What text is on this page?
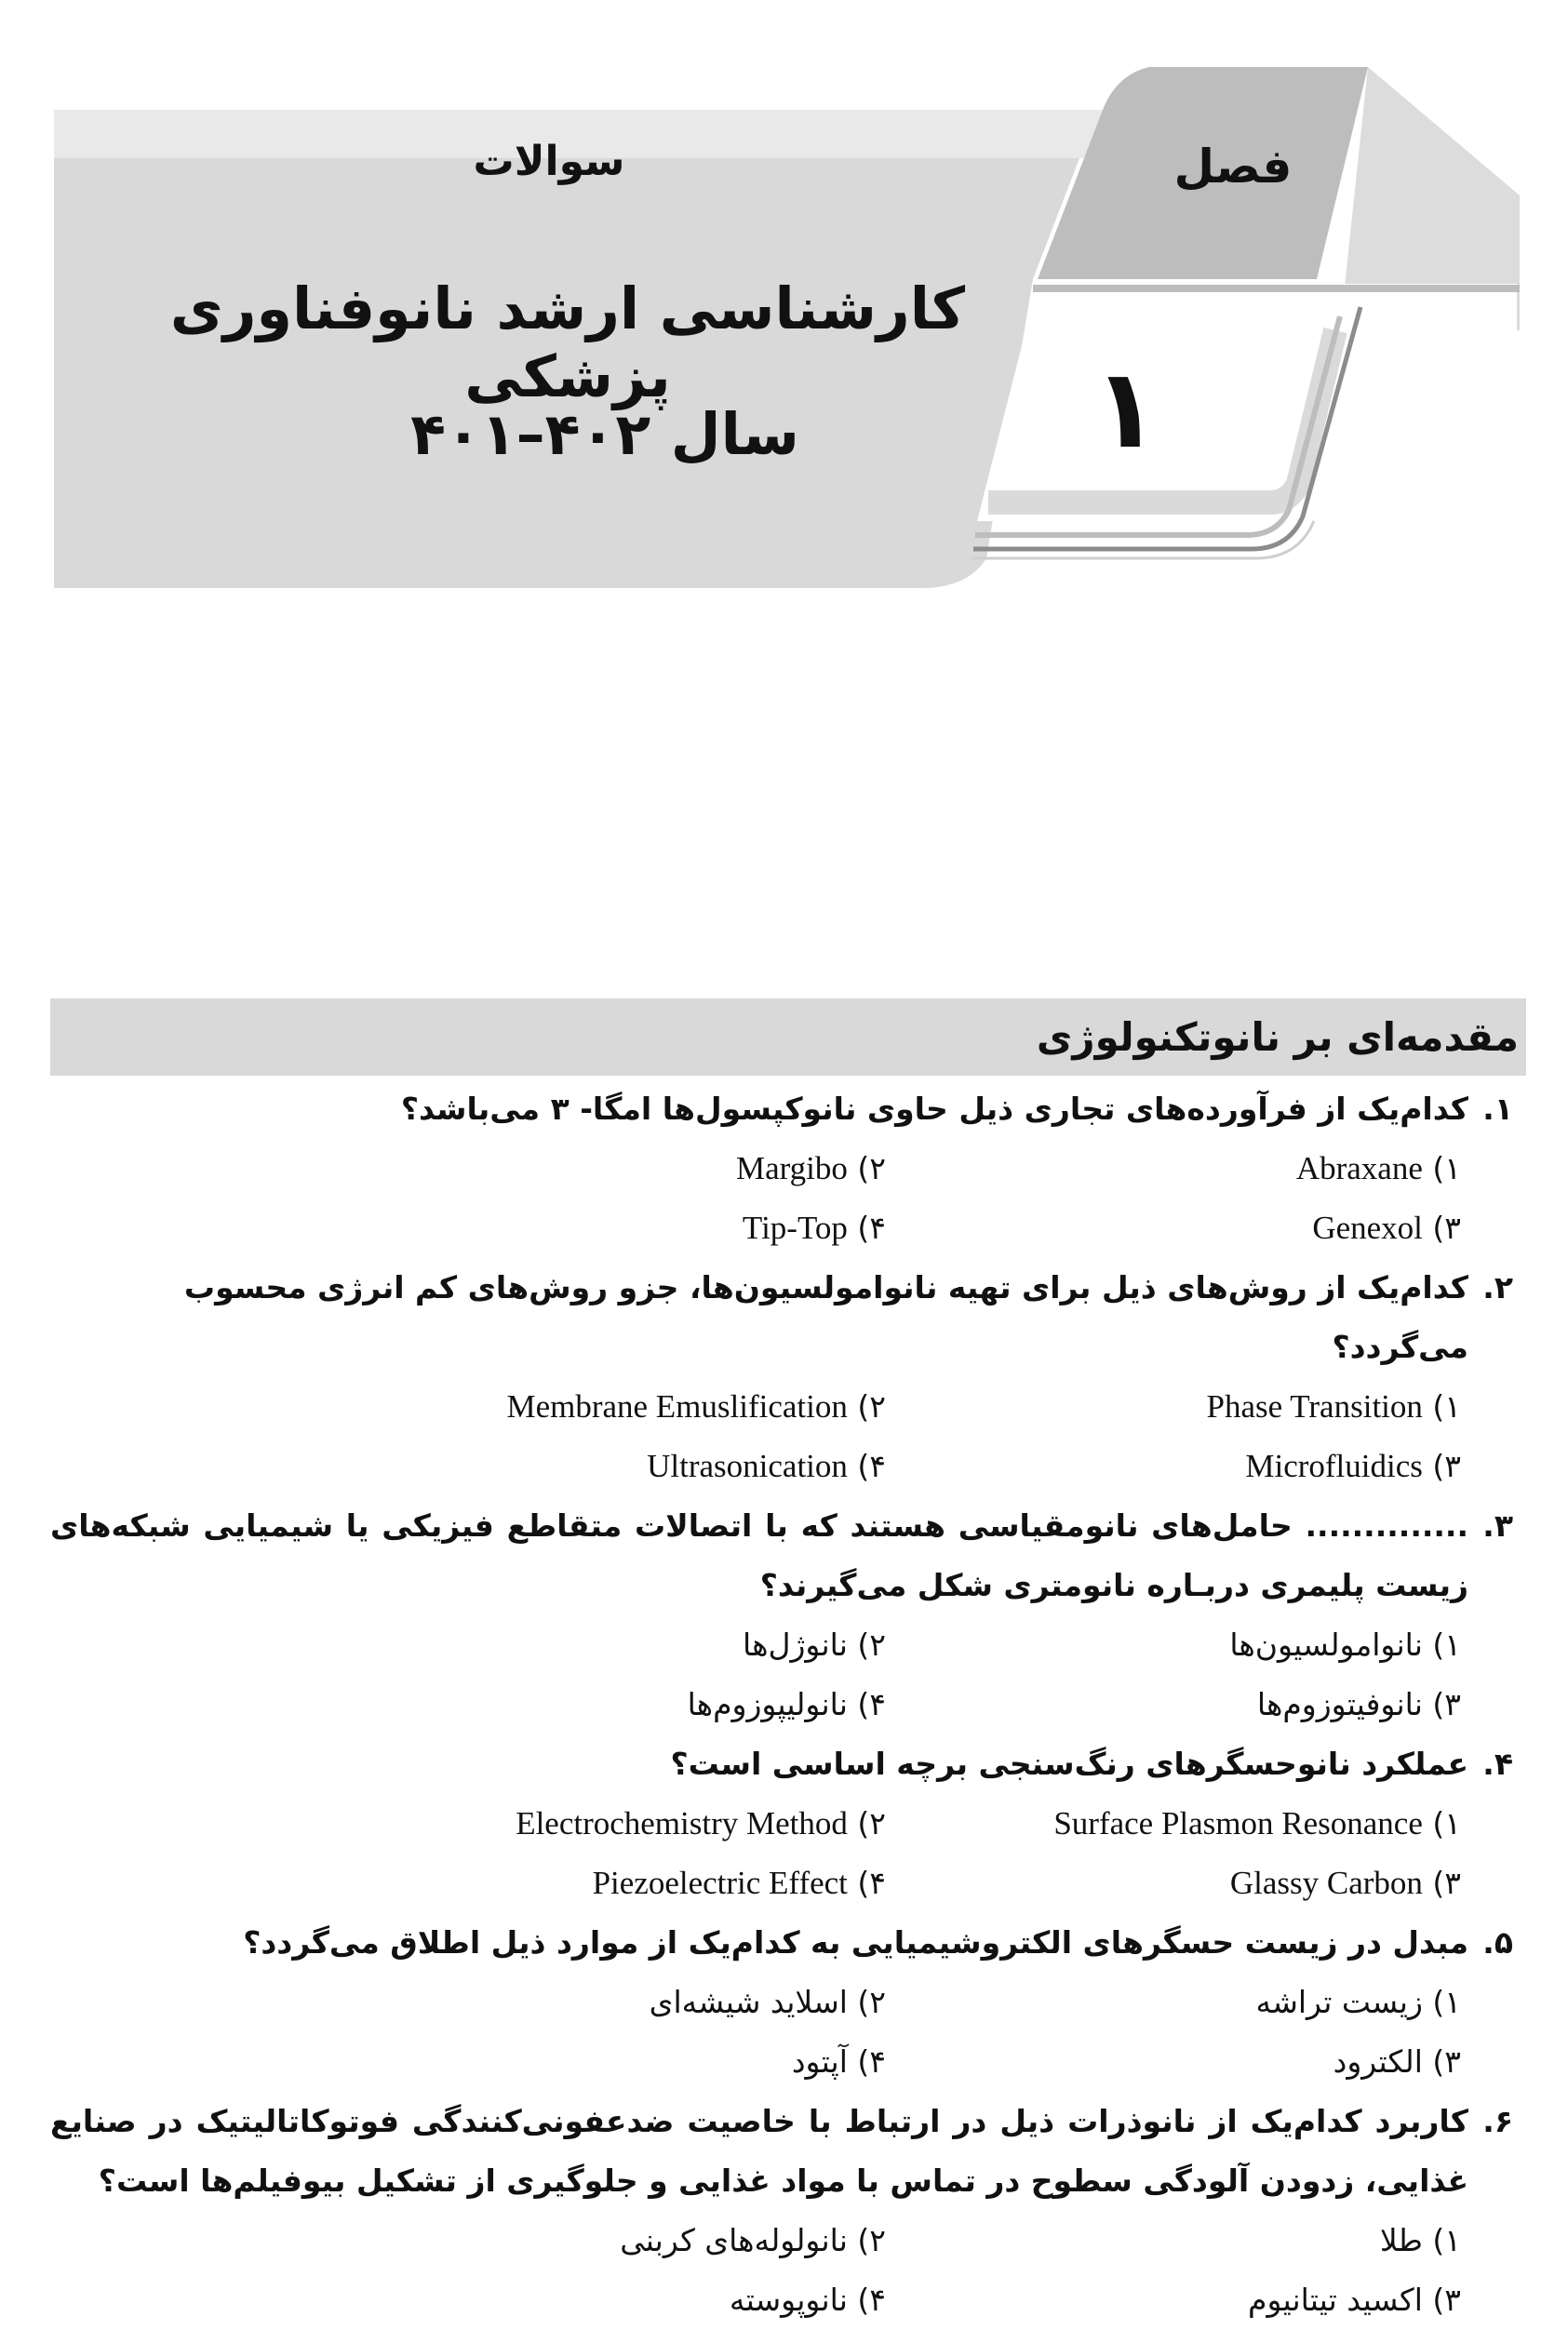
سوالات
کارشناسی ارشد نانوفناوری پزشکی
سال ۴۰۲–۴۰۱
فصل
۱
مقدمه‌ای بر نانوتکنولوژی
۱.
کدام‌یک از فرآورده‌های تجاری ذیل حاوی نانوکپسول‌ها امگا- ۳ می‌باشد؟
۱) Abraxane
۲) Margibo
۳) Genexol
۴) Tip-Top
۲.
کدام‌یک از روش‌های ذیل برای تهیه نانوامولسیون‌ها، جزو روش‌های کم انرژی محسوب می‌گردد؟
۱) Phase Transition
۲) Membrane Emuslification
۳) Microfluidics
۴) Ultrasonication
۳.
.............. حامل‌های نانومقیاسی هستند که با اتصالات متقاطع فیزیکی یا شیمیایی شبکه‌های زیست پلیمری دربـاره نانومتری شکل می‌گیرند؟
۱) نانوامولسیون‌ها
۲) نانوژل‌ها
۳) نانوفیتوزوم‌ها
۴) نانولیپوزوم‌ها
۴.
عملکرد نانوحسگرهای رنگ‌سنجی برچه اساسی است؟
۱) Surface Plasmon Resonance
۲) Electrochemistry Method
۳) Glassy Carbon
۴) Piezoelectric Effect
۵.
مبدل در زیست حسگرهای الکتروشیمیایی به کدام‌یک از موارد ذیل اطلاق می‌گردد؟
۱) زیست تراشه
۲) اسلاید شیشه‌ای
۳) الکترود
۴) آپتود
۶.
کاربرد کدام‌یک از نانوذرات ذیل در ارتباط با خاصیت ضدعفونی‌کنندگی فوتوکاتالیتیک در صنایع غذایی، زدودن آلودگی سطوح در تماس با مواد غذایی و جلوگیری از تشکیل بیوفیلم‌ها است؟
۱) طلا
۲) نانولوله‌های کربنی
۳) اکسید تیتانیوم
۴) نانوپوسته
